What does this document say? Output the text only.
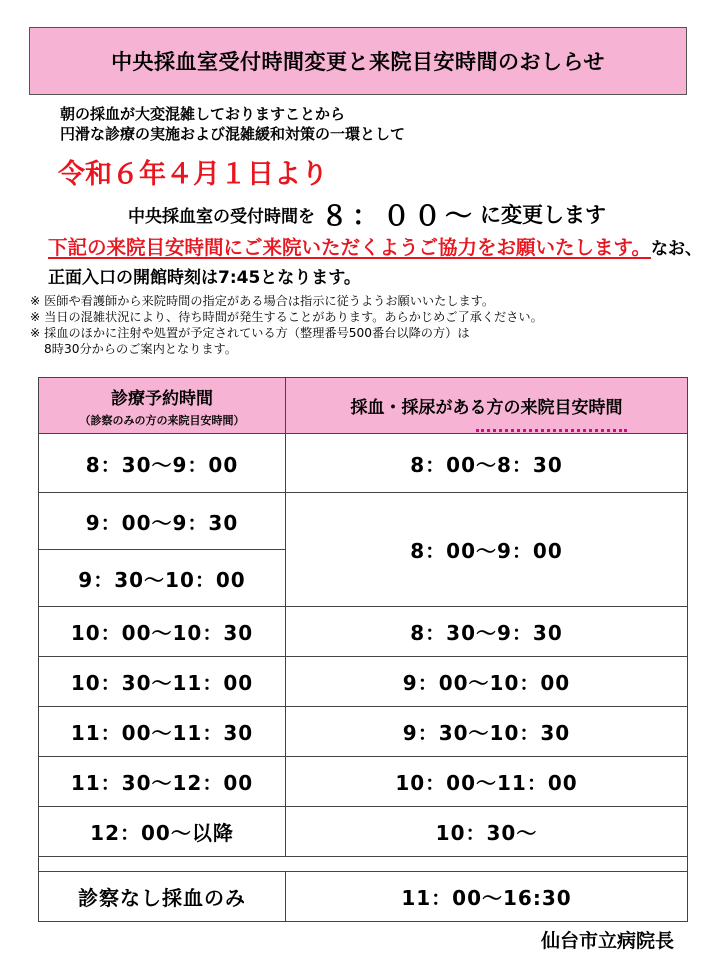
中央採血室受付時間変更と来院目安時間のおしらせ
朝の採血が大変混雑しておりますことから
円滑な診療の実施および混雑緩和対策の一環として
令和６年４月１日より
中央採血室の受付時間を ８：００～ に変更します
下記の来院目安時間にご来院いただくようご協力をお願いたします。なお、正面入口の開館時刻は7:45となります。
※ 医師や看護師から来院時間の指定がある場合は指示に従うようお願いいたします。
※ 当日の混雑状況により、待ち時間が発生することがあります。あらかじめご了承ください。
※ 採血のほかに注射や処置が予定されている方（整理番号500番台以降の方）は
8時30分からのご案内となります。
診療予約時間
（診察のみの方の来院目安時間）	採血・採尿がある方の来院目安時間

8：30～9：00	8：00～8：30
9：00～9：30	8：00～9：00
9：30～10：00	
10：00～10：30	8：30～9：30
10：30～11：00	9：00～10：00
11：00～11：30	9：30～10：30
11：30～12：00	10：00～11：00
12：00～以降	10：30～

診察なし採血のみ	11：00～16:30
仙台市立病院長
